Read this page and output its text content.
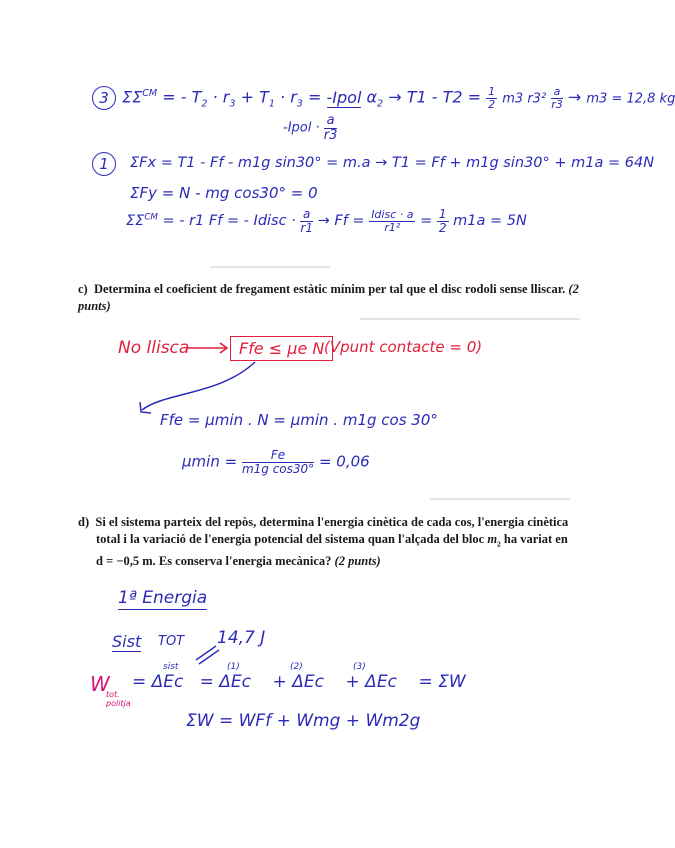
3 $\Sigma\Sigma^{CM}$ = - $T_2 \cdot r_3 + T_1 \cdot r_3$ = -Ipol $\alpha_2 \to T1 - T2 = \frac{1}{2} m3$ $r3^2 \frac{a}{r3} \to m3 = 12,8$ kg
-Ipol · $\frac{a}{r3}$
1	ΣFx = T1 - Ff - m1g sin30° = m.a → T1 = Ff + m1g sin30° + m1a = 64N
ΣFy = N - mg cos30° = 0
$\Sigma\Sigma^{CM}$ = - r1 Ff = - Idisc · $\frac{a}{r1} \to Ff = \frac{\text{Idisc · a}}{\text{r1²}} = \frac{1}{2} m1a = 5N$
c) Determina el coeficient de fregament estàtic mínim per tal que el disc rodoli sense lliscar. (2 punts)
No llisca	Ffe ≤ μe N (Vpunt contacte = 0)
Ffe = μmin . N = μmin . m1g cos 30°
$\mu\min = \frac{Fe}{\text{m1g cos30°}} = 0,06$
d) Si el sistema parteix del repòs, determina l'energia cinètica de cada cos, l'energia cinètica
total i la variació de l'energia potencial del sistema quan l'alçada del bloc $m_2$ ha variat en
d = −0,5 m. Es conserva l'energia mecànica? (2 punts)
1ª Energia
Sist TOT 14,7 J
W
tot. politja
= ΔEc   = ΔEc    + ΔEc    + ΔEc    = ΣW
sist	(1)	(2)	(3)
ΣW = WFf + Wmg + Wm2g
